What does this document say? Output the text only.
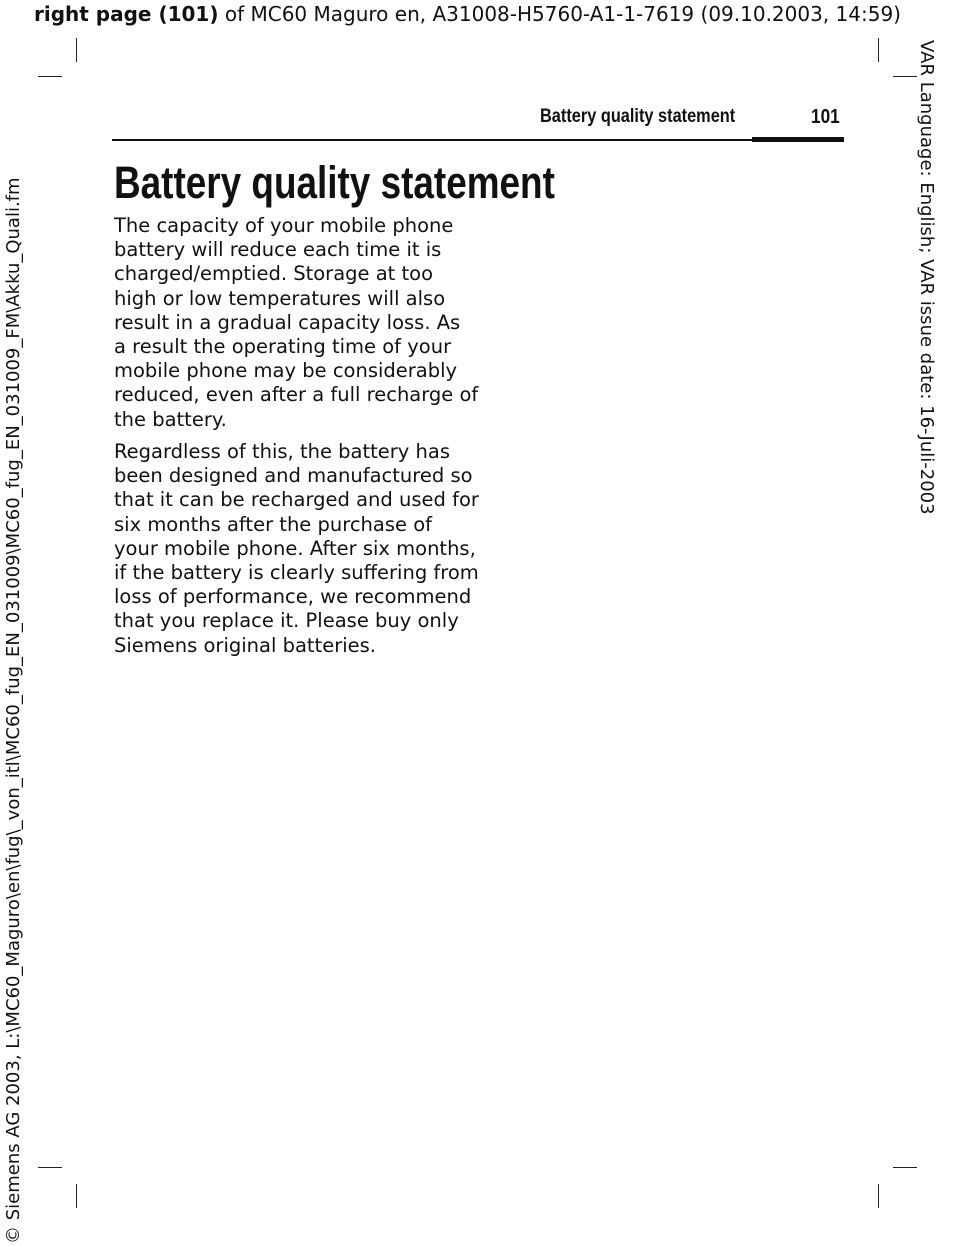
right page (101) of MC60 Maguro en, A31008-H5760-A1-1-7619 (09.10.2003, 14:59)
VAR Language: English; VAR issue date: 16-Juli-2003
© Siemens AG 2003, L:\MC60_Maguro\en\fug\_von_itl\MC60_fug_EN_031009\MC60_fug_EN_031009_FM\Akku_Quali.fm
Battery quality statement	101
Battery quality statement

The capacity of your mobile phone
battery will reduce each time it is
charged/emptied. Storage at too
high or low temperatures will also
result in a gradual capacity loss. As
a result the operating time of your
mobile phone may be considerably
reduced, even after a full recharge of
the battery.

Regardless of this, the battery has
been designed and manufactured so
that it can be recharged and used for
six months after the purchase of
your mobile phone. After six months,
if the battery is clearly suffering from
loss of performance, we recommend
that you replace it. Please buy only
Siemens original batteries.
